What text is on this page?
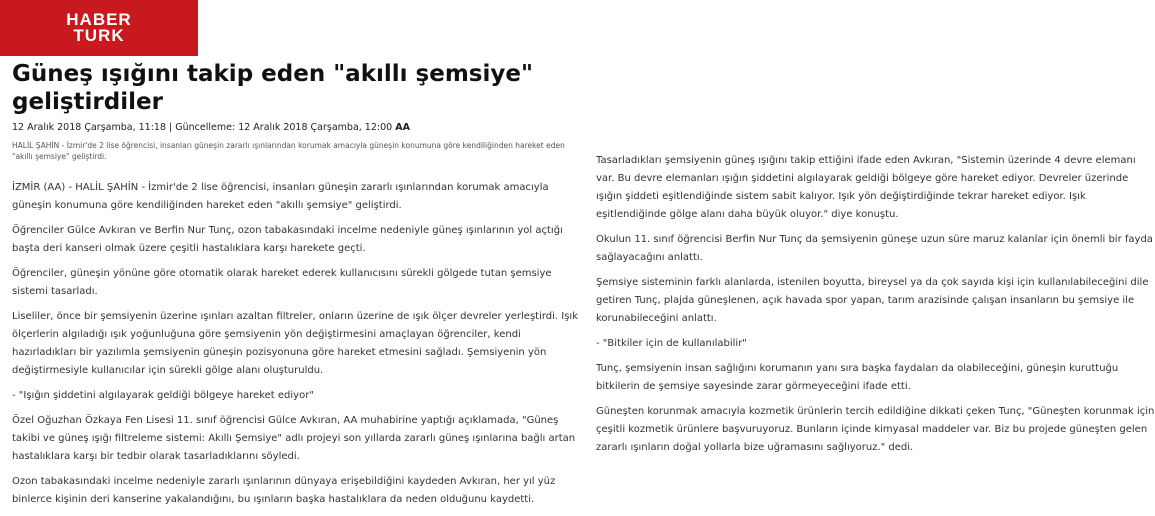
HABER
TURK
Güneş ışığını takip eden "akıllı şemsiye" geliştirdiler
12 Aralık 2018 Çarşamba, 11:18 | Güncelleme: 12 Aralık 2018 Çarşamba, 12:00 AA
HALİL ŞAHİN - İzmir'de 2 lise öğrencisi, insanları güneşin zararlı ışınlarından korumak amacıyla güneşin konumuna göre kendiliğinden hareket eden "akıllı şemsiye" geliştirdi.

İZMİR (AA) - HALİL ŞAHİN - İzmir'de 2 lise öğrencisi, insanları güneşin zararlı ışınlarından korumak amacıyla güneşin konumuna göre kendiliğinden hareket eden "akıllı şemsiye" geliştirdi.

Öğrenciler Gülce Avkıran ve Berfin Nur Tunç, ozon tabakasındaki incelme nedeniyle güneş ışınlarının yol açtığı başta deri kanseri olmak üzere çeşitli hastalıklara karşı harekete geçti.

Öğrenciler, güneşin yönüne göre otomatik olarak hareket ederek kullanıcısını sürekli gölgede tutan şemsiye sistemi tasarladı.

Liseliler, önce bir şemsiyenin üzerine ışınları azaltan filtreler, onların üzerine de ışık ölçer devreler yerleştirdi. Işık ölçerlerin algıladığı ışık yoğunluğuna göre şemsiyenin yön değiştirmesini amaçlayan öğrenciler, kendi hazırladıkları bir yazılımla şemsiyenin güneşin pozisyonuna göre hareket etmesini sağladı. Şemsiyenin yön değiştirmesiyle kullanıcılar için sürekli gölge alanı oluşturuldu.

- "Işığın şiddetini algılayarak geldiği bölgeye hareket ediyor"

Özel Oğuzhan Özkaya Fen Lisesi 11. sınıf öğrencisi Gülce Avkıran, AA muhabirine yaptığı açıklamada, "Güneş takibi ve güneş ışığı filtreleme sistemi: Akıllı Şemsiye" adlı projeyi son yıllarda zararlı güneş ışınlarına bağlı artan hastalıklara karşı bir tedbir olarak tasarladıklarını söyledi.

Ozon tabakasındaki incelme nedeniyle zararlı ışınlarının dünyaya erişebildiğini kaydeden Avkıran, her yıl yüz binlerce kişinin deri kanserine yakalandığını, bu ışınların başka hastalıklara da neden olduğunu kaydetti.

Tasarladıkları şemsiyenin güneş ışığını takip ettiğini ifade eden Avkıran, "Sistemin üzerinde 4 devre elemanı var. Bu devre elemanları ışığın şiddetini algılayarak geldiği bölgeye göre hareket ediyor. Devreler üzerinde ışığın şiddeti eşitlendiğinde sistem sabit kalıyor. Işık yön değiştirdiğinde tekrar hareket ediyor. Işık eşitlendiğinde gölge alanı daha büyük oluyor." diye konuştu.

Okulun 11. sınıf öğrencisi Berfin Nur Tunç da şemsiyenin güneşe uzun süre maruz kalanlar için önemli bir fayda sağlayacağını anlattı.

Şemsiye sisteminin farklı alanlarda, istenilen boyutta, bireysel ya da çok sayıda kişi için kullanılabileceğini dile getiren Tunç, plajda güneşlenen, açık havada spor yapan, tarım arazisinde çalışan insanların bu şemsiye ile korunabileceğini anlattı.

- "Bitkiler için de kullanılabilir"

Tunç, şemsiyenin insan sağlığını korumanın yanı sıra başka faydaları da olabileceğini, güneşin kuruttuğu bitkilerin de şemsiye sayesinde zarar görmeyeceğini ifade etti.

Güneşten korunmak amacıyla kozmetik ürünlerin tercih edildiğine dikkati çeken Tunç, "Güneşten korunmak için çeşitli kozmetik ürünlere başvuruyoruz. Bunların içinde kimyasal maddeler var. Biz bu projede güneşten gelen zararlı ışınların doğal yollarla bize uğramasını sağlıyoruz." dedi.
